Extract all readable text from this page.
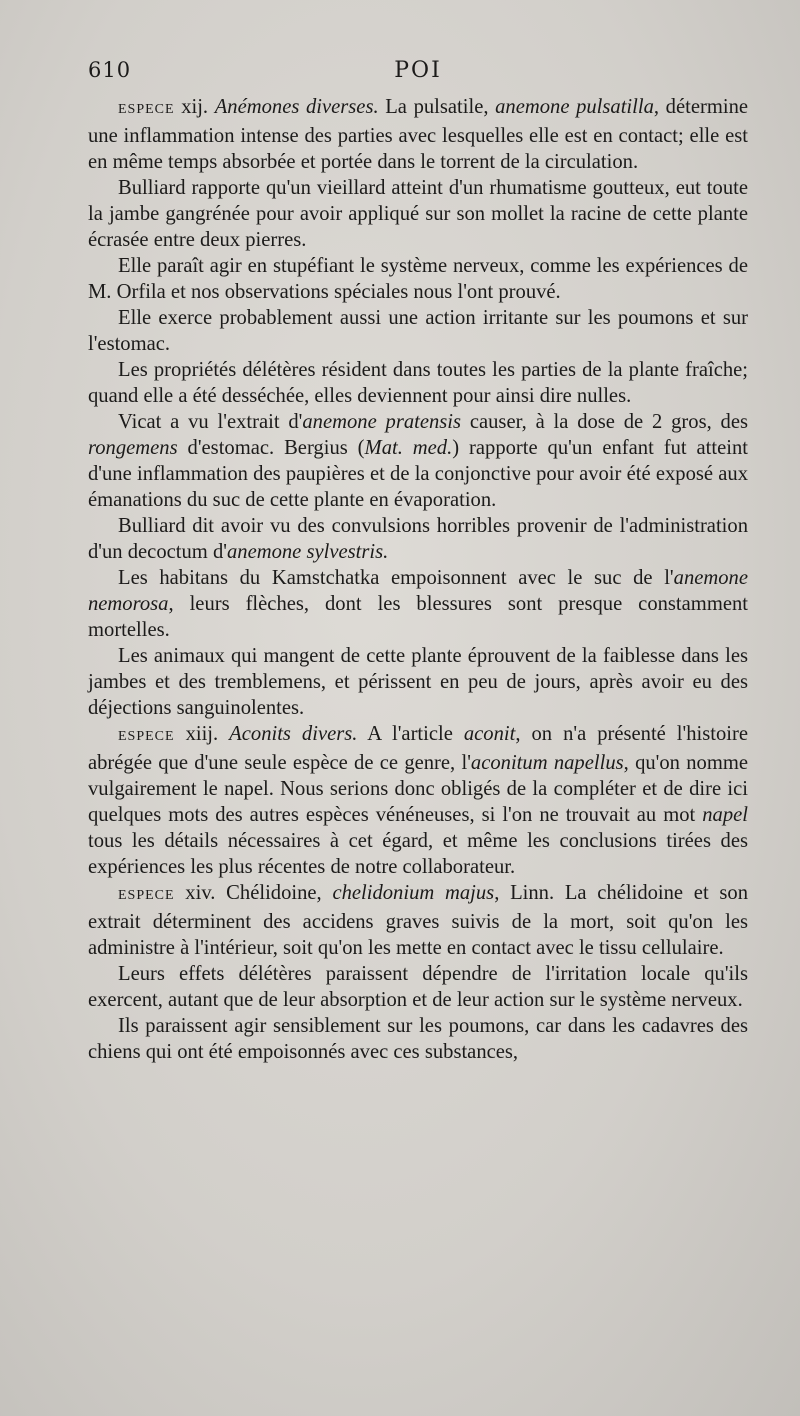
610	POI

ESPECE xij. Anémones diverses. La pulsatile, anemone pulsatilla, détermine une inflammation intense des parties avec lesquelles elle est en contact; elle est en même temps absorbée et portée dans le torrent de la circulation.

Bulliard rapporte qu'un vieillard atteint d'un rhumatisme goutteux, eut toute la jambe gangrénée pour avoir appliqué sur son mollet la racine de cette plante écrasée entre deux pierres.

Elle paraît agir en stupéfiant le système nerveux, comme les expériences de M. Orfila et nos observations spéciales nous l'ont prouvé.

Elle exerce probablement aussi une action irritante sur les poumons et sur l'estomac.

Les propriétés délétères résident dans toutes les parties de la plante fraîche; quand elle a été desséchée, elles deviennent pour ainsi dire nulles.

Vicat a vu l'extrait d'anemone pratensis causer, à la dose de 2 gros, des rongemens d'estomac. Bergius (Mat. med.) rapporte qu'un enfant fut atteint d'une inflammation des paupières et de la conjonctive pour avoir été exposé aux émanations du suc de cette plante en évaporation.

Bulliard dit avoir vu des convulsions horribles provenir de l'administration d'un decoctum d'anemone sylvestris.

Les habitans du Kamstchatka empoisonnent avec le suc de l'anemone nemorosa, leurs flèches, dont les blessures sont presque constamment mortelles.

Les animaux qui mangent de cette plante éprouvent de la faiblesse dans les jambes et des tremblemens, et périssent en peu de jours, après avoir eu des déjections sanguinolentes.

ESPECE xiij. Aconits divers. A l'article aconit, on n'a présenté l'histoire abrégée que d'une seule espèce de ce genre, l'aconitum napellus, qu'on nomme vulgairement le napel. Nous serions donc obligés de la compléter et de dire ici quelques mots des autres espèces vénéneuses, si l'on ne trouvait au mot napel tous les détails nécessaires à cet égard, et même les conclusions tirées des expériences les plus récentes de notre collaborateur.

ESPECE xiv. Chélidoine, chelidonium majus, Linn. La chélidoine et son extrait déterminent des accidens graves suivis de la mort, soit qu'on les administre à l'intérieur, soit qu'on les mette en contact avec le tissu cellulaire.

Leurs effets délétères paraissent dépendre de l'irritation locale qu'ils exercent, autant que de leur absorption et de leur action sur le système nerveux.

Ils paraissent agir sensiblement sur les poumons, car dans les cadavres des chiens qui ont été empoisonnés avec ces substances,
